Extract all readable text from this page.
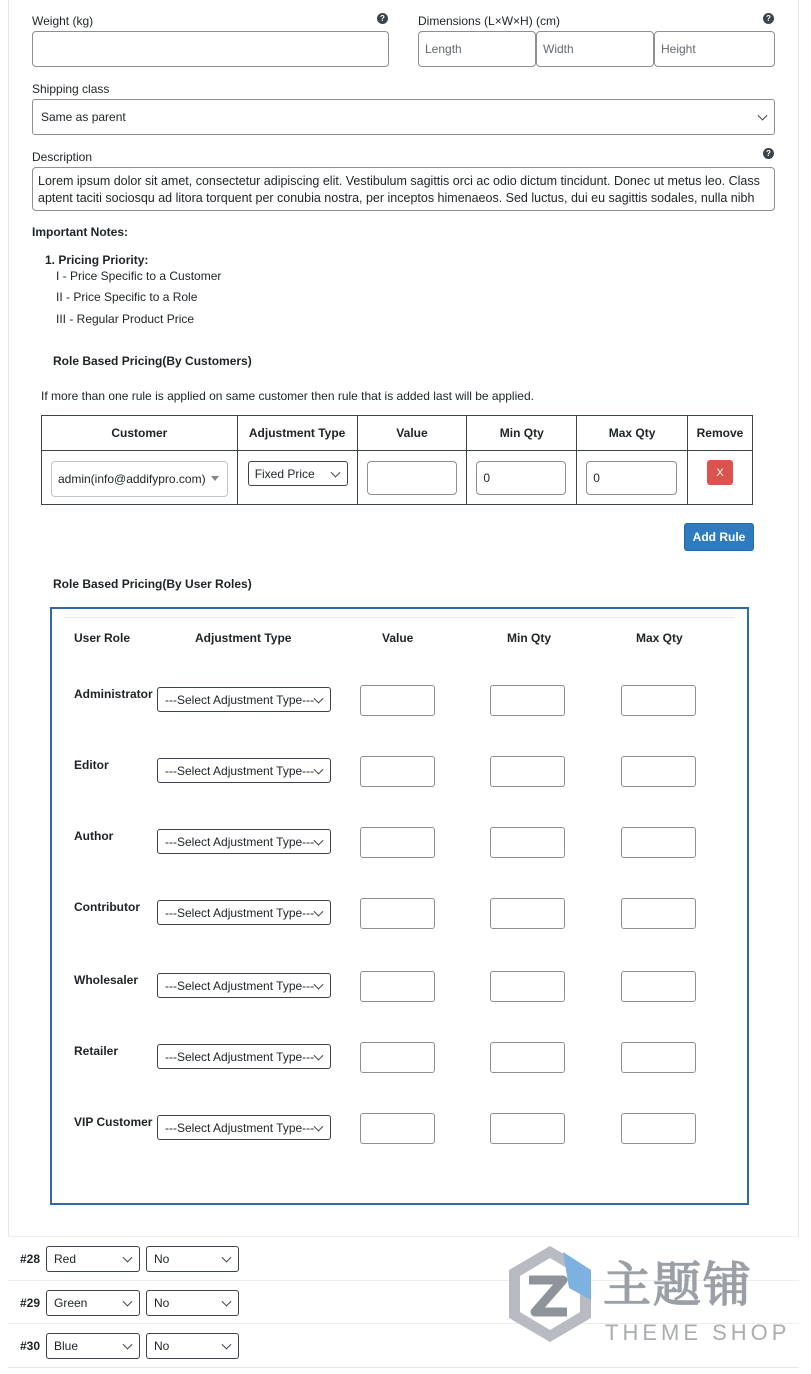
Weight (kg)	?	Dimensions (L×W×H) (cm)	?
Length	Width	Height
Shipping class
Same as parent
Description	?
Lorem ipsum dolor sit amet, consectetur adipiscing elit. Vestibulum sagittis orci ac odio dictum tincidunt. Donec ut metus leo. Class aptent taciti sociosqu ad litora torquent per conubia nostra, per inceptos himenaeos. Sed luctus, dui eu sagittis sodales, nulla nibh
Important Notes:
1. Pricing Priority:
I - Price Specific to a Customer
II - Price Specific to a Role
III - Regular Product Price
Role Based Pricing(By Customers)
If more than one rule is applied on same customer then rule that is added last will be applied.
Customer	Adjustment Type	Value	Min Qty	Max Qty	Remove

admin(info@addifypro.com)	Fixed Price		0	0	X
Add Rule
Role Based Pricing(By User Roles)
User Role	Adjustment Type	Value	Min Qty	Max Qty
Administrator ---Select Adjustment Type---
Editor	---Select Adjustment Type---
Author	---Select Adjustment Type---
Contributor ---Select Adjustment Type---
Wholesaler ---Select Adjustment Type---
Retailer	---Select Adjustment Type---
VIP Customer ---Select Adjustment Type---
#28 Red	No
#29 Green	No
#30 Blue	No
主题铺
THEME SHOP
